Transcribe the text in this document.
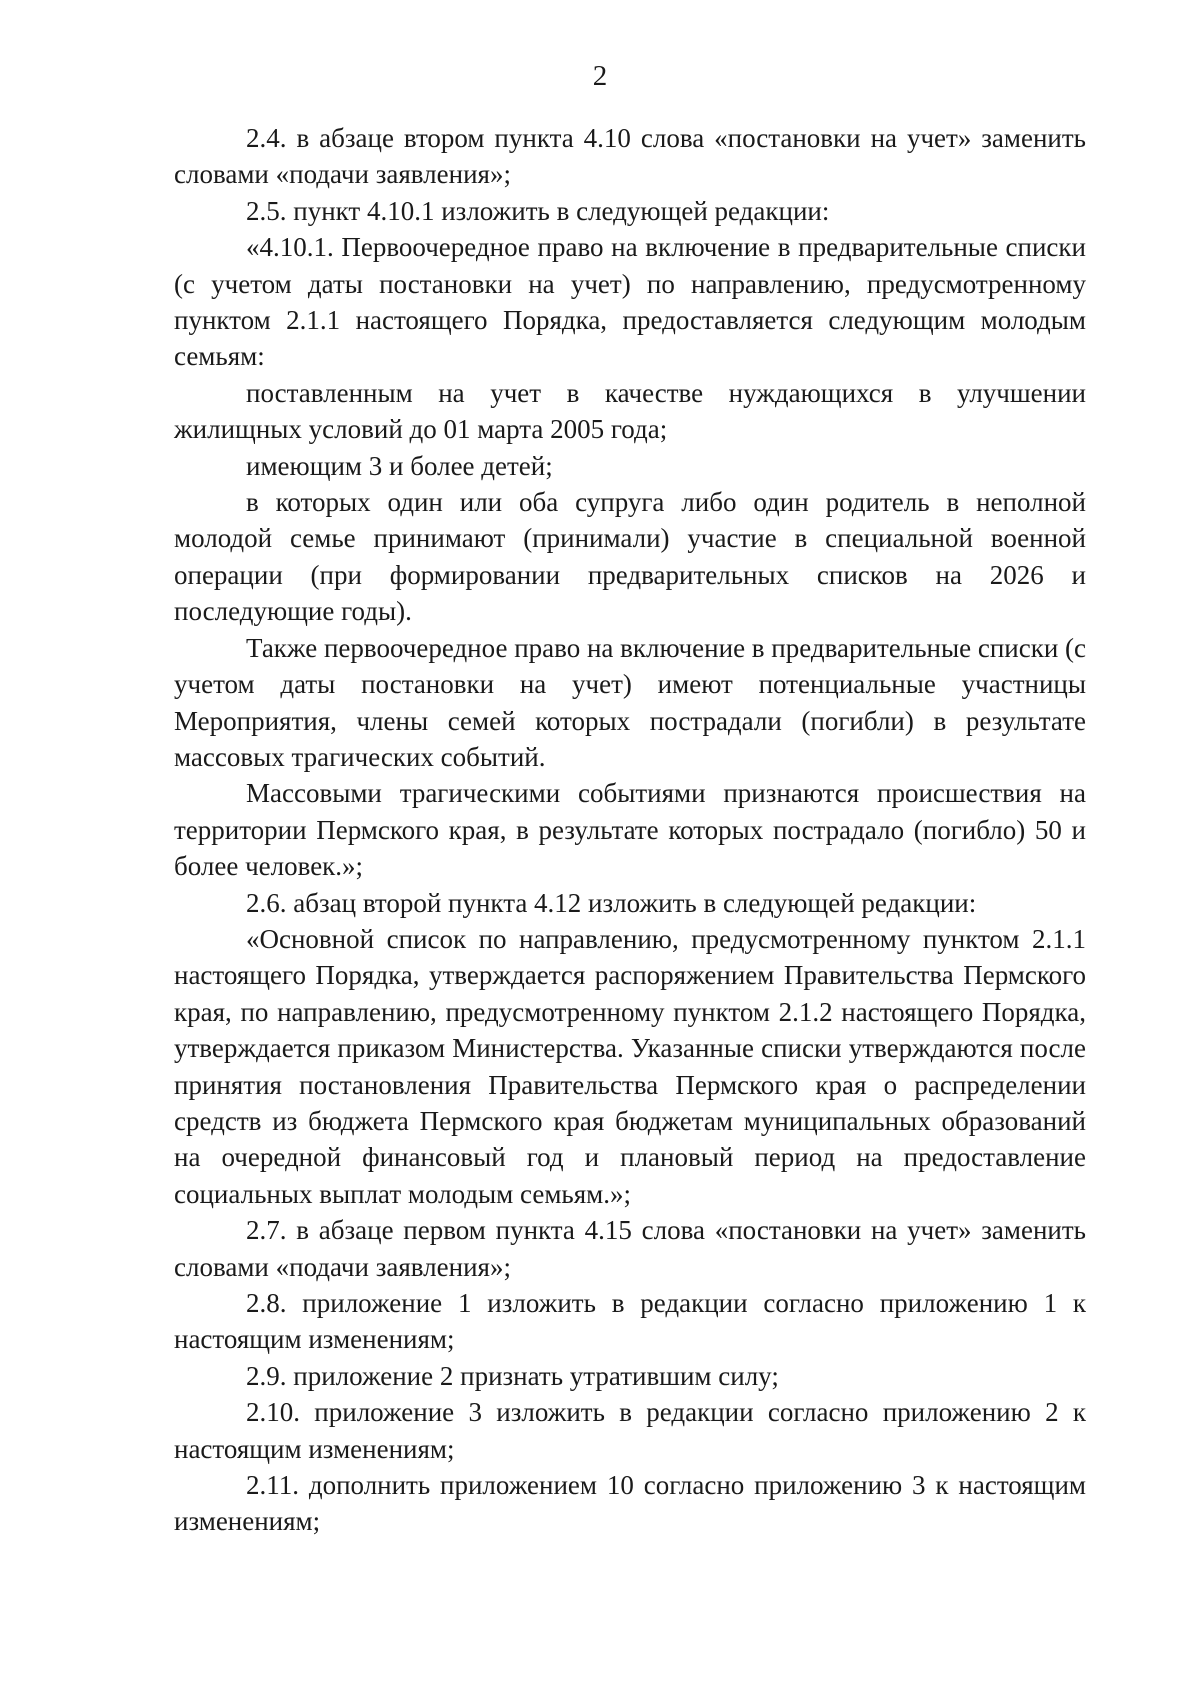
2

2.4. в абзаце втором пункта 4.10 слова «постановки на учет» заменить словами «подачи заявления»;

2.5. пункт 4.10.1 изложить в следующей редакции:

«4.10.1. Первоочередное право на включение в предварительные списки (с учетом даты постановки на учет) по направлению, предусмотренному пунктом 2.1.1 настоящего Порядка, предоставляется следующим молодым семьям:

поставленным на учет в качестве нуждающихся в улучшении жилищных условий до 01 марта 2005 года;

имеющим 3 и более детей;

в которых один или оба супруга либо один родитель в неполной молодой семье принимают (принимали) участие в специальной военной операции (при формировании предварительных списков на 2026 и последующие годы).

Также первоочередное право на включение в предварительные списки (с учетом даты постановки на учет) имеют потенциальные участницы Мероприятия, члены семей которых пострадали (погибли) в результате массовых трагических событий.

Массовыми трагическими событиями признаются происшествия на территории Пермского края, в результате которых пострадало (погибло) 50 и более человек.»;

2.6. абзац второй пункта 4.12 изложить в следующей редакции:

«Основной список по направлению, предусмотренному пунктом 2.1.1 настоящего Порядка, утверждается распоряжением Правительства Пермского края, по направлению, предусмотренному пунктом 2.1.2 настоящего Порядка, утверждается приказом Министерства. Указанные списки утверждаются после принятия постановления Правительства Пермского края о распределении средств из бюджета Пермского края бюджетам муниципальных образований на очередной финансовый год и плановый период на предоставление социальных выплат молодым семьям.»;

2.7. в абзаце первом пункта 4.15 слова «постановки на учет» заменить словами «подачи заявления»;

2.8. приложение 1 изложить в редакции согласно приложению 1 к настоящим изменениям;

2.9. приложение 2 признать утратившим силу;

2.10. приложение 3 изложить в редакции согласно приложению 2 к настоящим изменениям;

2.11. дополнить приложением 10 согласно приложению 3 к настоящим изменениям;
